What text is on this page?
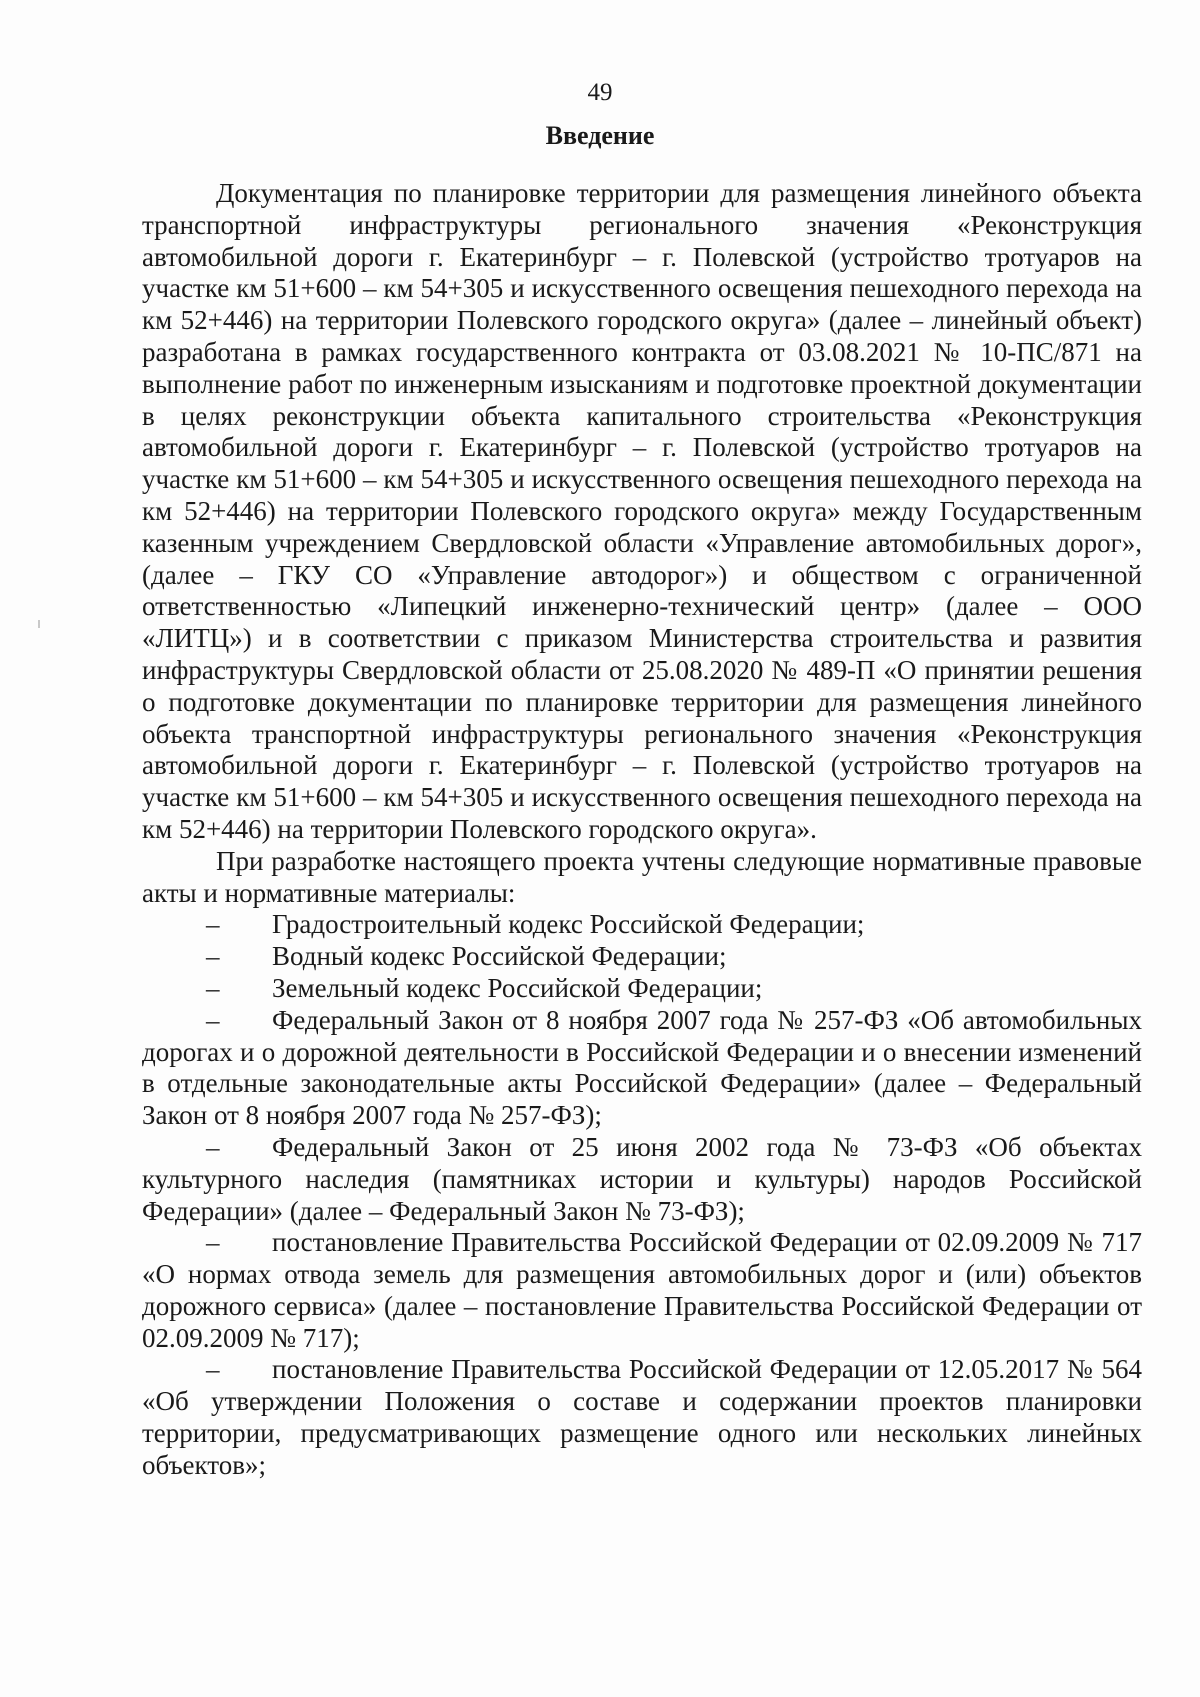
49
Введение

Документация по планировке территории для размещения линейного объекта транспортной инфраструктуры регионального значения «Реконструкция автомобильной дороги г. Екатеринбург – г. Полевской (устройство тротуаров на участке км 51+600 – км 54+305 и искусственного освещения пешеходного перехода на км 52+446) на территории Полевского городского округа» (далее – линейный объект) разработана в рамках государственного контракта от 03.08.2021 № 10-ПС/871 на выполнение работ по инженерным изысканиям и подготовке проектной документации в целях реконструкции объекта капитального строительства «Реконструкция автомобильной дороги г. Екатеринбург – г. Полевской (устройство тротуаров на участке км 51+600 – км 54+305 и искусственного освещения пешеходного перехода на км 52+446) на территории Полевского городского округа» между Государственным казенным учреждением Свердловской области «Управление автомобильных дорог», (далее – ГКУ СО «Управление автодорог») и обществом с ограниченной ответственностью «Липецкий инженерно-технический центр» (далее – ООО «ЛИТЦ») и в соответствии с приказом Министерства строительства и развития инфраструктуры Свердловской области от 25.08.2020 № 489-П «О принятии решения о подготовке документации по планировке территории для размещения линейного объекта транспортной инфраструктуры регионального значения «Реконструкция автомобильной дороги г. Екатеринбург – г. Полевской (устройство тротуаров на участке км 51+600 – км 54+305 и искусственного освещения пешеходного перехода на км 52+446) на территории Полевского городского округа».

При разработке настоящего проекта учтены следующие нормативные правовые акты и нормативные материалы:

– Градостроительный кодекс Российской Федерации;

– Водный кодекс Российской Федерации;

– Земельный кодекс Российской Федерации;

– Федеральный Закон от 8 ноября 2007 года № 257-ФЗ «Об автомобильных дорогах и о дорожной деятельности в Российской Федерации и о внесении изменений в отдельные законодательные акты Российской Федерации» (далее – Федеральный Закон от 8 ноября 2007 года № 257-ФЗ);

– Федеральный Закон от 25 июня 2002 года № 73-ФЗ «Об объектах культурного наследия (памятниках истории и культуры) народов Российской Федерации» (далее – Федеральный Закон № 73-ФЗ);

– постановление Правительства Российской Федерации от 02.09.2009 № 717 «О нормах отвода земель для размещения автомобильных дорог и (или) объектов дорожного сервиса» (далее – постановление Правительства Российской Федерации от 02.09.2009 № 717);

– постановление Правительства Российской Федерации от 12.05.2017 № 564 «Об утверждении Положения о составе и содержании проектов планировки территории, предусматривающих размещение одного или нескольких линейных объектов»;
